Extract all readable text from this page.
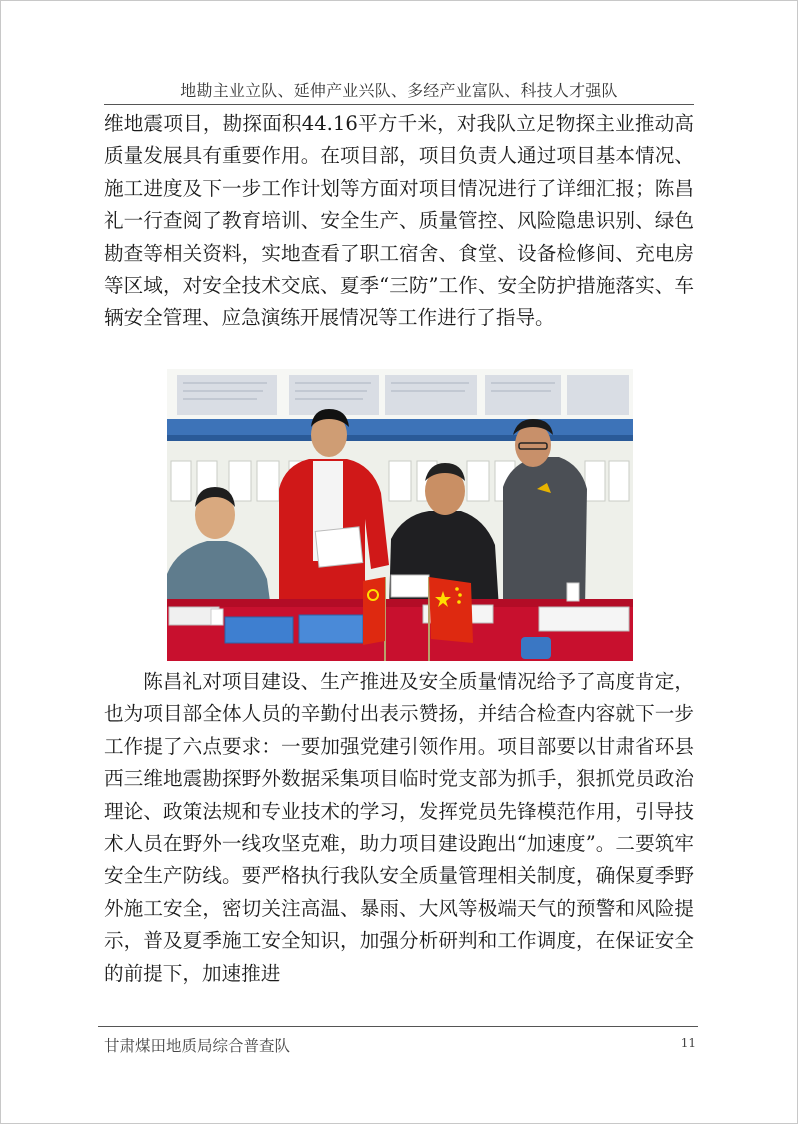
地勘主业立队、延伸产业兴队、多经产业富队、科技人才强队

维地震项目，勘探面积44.16平方千米，对我队立足物探主业推动高质量发展具有重要作用。在项目部，项目负责人通过项目基本情况、施工进度及下一步工作计划等方面对项目情况进行了详细汇报；陈昌礼一行查阅了教育培训、安全生产、质量管控、风险隐患识别、绿色勘查等相关资料，实地查看了职工宿舍、食堂、设备检修间、充电房等区域，对安全技术交底、夏季“三防”工作、安全防护措施落实、车辆安全管理、应急演练开展情况等工作进行了指导。

陈昌礼对项目建设、生产推进及安全质量情况给予了高度肯定，也为项目部全体人员的辛勤付出表示赞扬，并结合检查内容就下一步工作提了六点要求：一要加强党建引领作用。项目部要以甘肃省环县西三维地震勘探野外数据采集项目临时党支部为抓手，狠抓党员政治理论、政策法规和专业技术的学习，发挥党员先锋模范作用，引导技术人员在野外一线攻坚克难，助力项目建设跑出“加速度”。二要筑牢安全生产防线。要严格执行我队安全质量管理相关制度，确保夏季野外施工安全，密切关注高温、暴雨、大风等极端天气的预警和风险提示，普及夏季施工安全知识，加强分析研判和工作调度，在保证安全的前提下，加速推进

甘肃煤田地质局综合普查队	11
